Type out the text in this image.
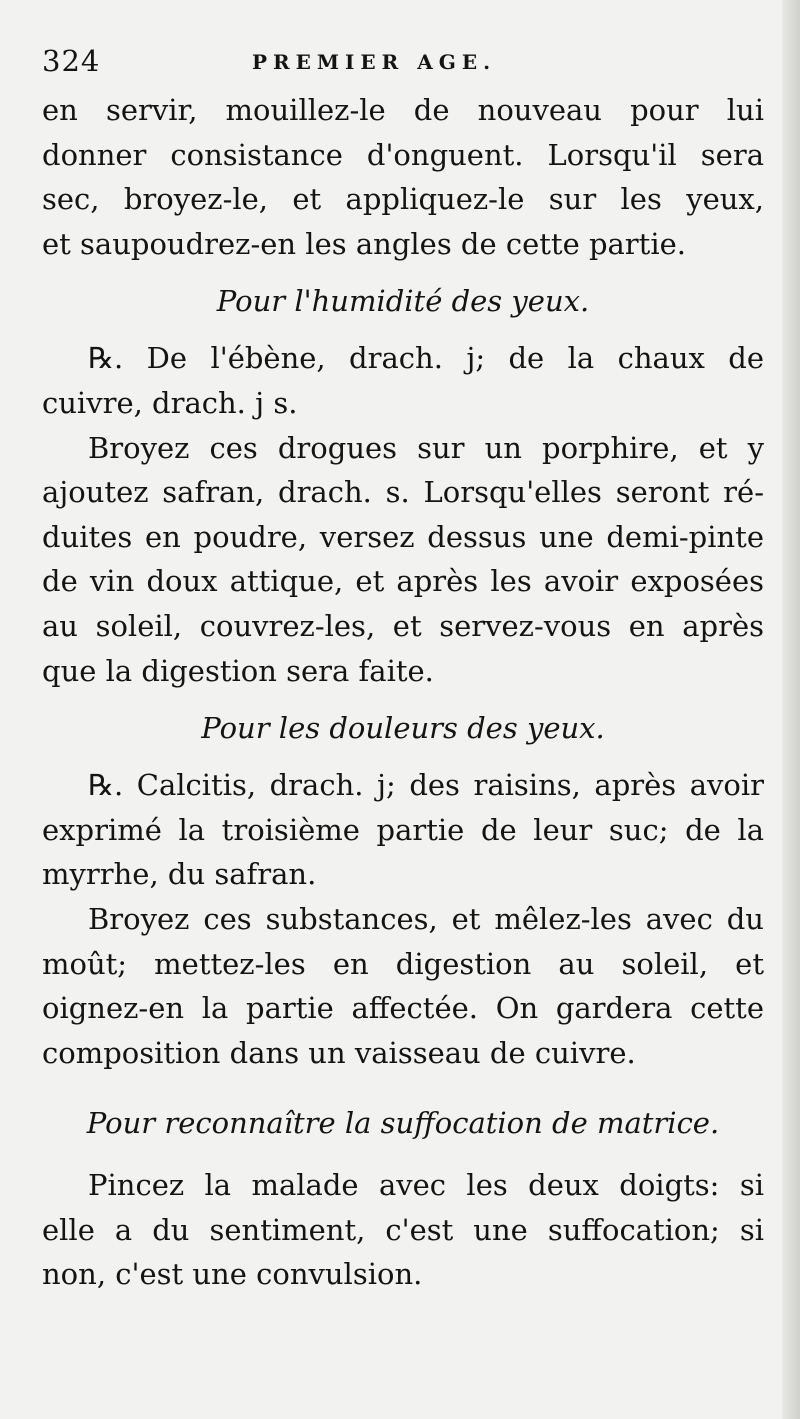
324	PREMIER AGE.
en servir, mouillez-le de nouveau pour lui
donner consistance d'onguent. Lorsqu'il sera
sec, broyez-le, et appliquez-le sur les yeux,
et saupoudrez-en les angles de cette partie.
Pour l'humidité des yeux.
℞. De l'ébène, drach. j; de la chaux de
cuivre, drach. j s.
Broyez ces drogues sur un porphire, et y
ajoutez safran, drach. s. Lorsqu'elles seront ré-
duites en poudre, versez dessus une demi-pinte
de vin doux attique, et après les avoir exposées
au soleil, couvrez-les, et servez-vous en après
que la digestion sera faite.
Pour les douleurs des yeux.
℞. Calcitis, drach. j; des raisins, après avoir
exprimé la troisième partie de leur suc; de la
myrrhe, du safran.
Broyez ces substances, et mêlez-les avec du
moût; mettez-les en digestion au soleil, et
oignez-en la partie affectée. On gardera cette
composition dans un vaisseau de cuivre.
Pour reconnaître la suffocation de matrice.
Pincez la malade avec les deux doigts: si
elle a du sentiment, c'est une suffocation; si
non, c'est une convulsion.
